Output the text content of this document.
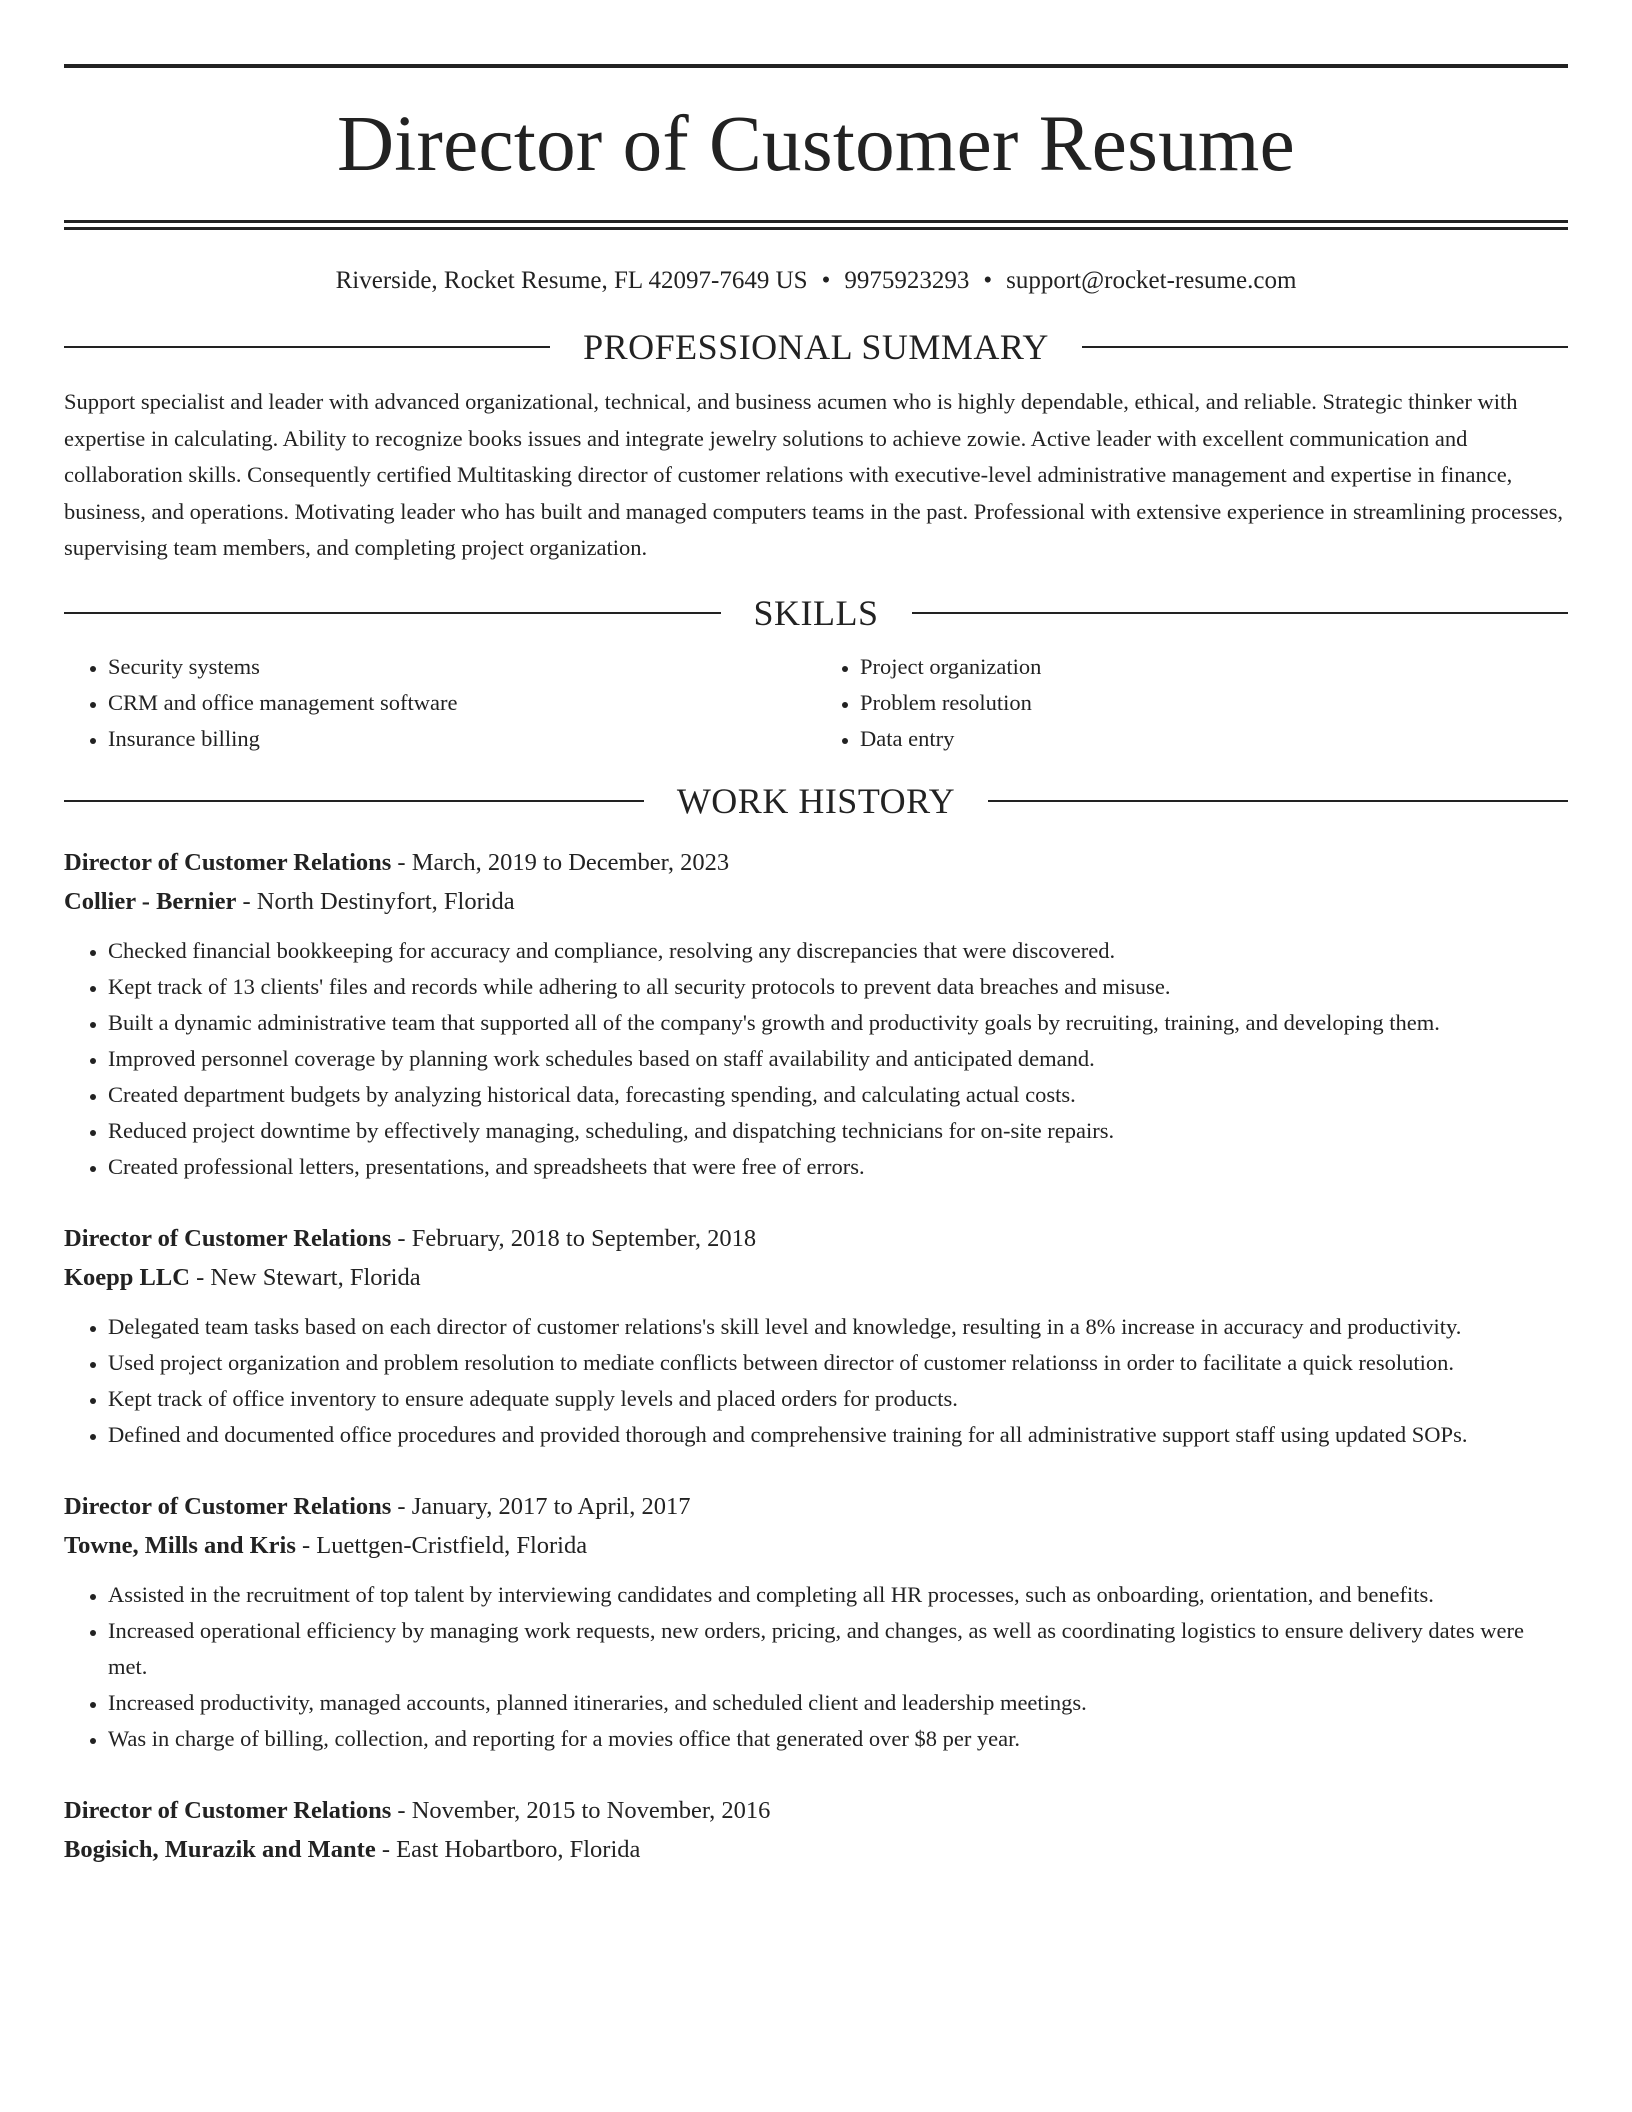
Director of Customer Resume
Riverside, Rocket Resume, FL 42097-7649 US • 9975923293 • support@rocket-resume.com
PROFESSIONAL SUMMARY

Support specialist and leader with advanced organizational, technical, and business acumen who is highly dependable, ethical, and reliable. Strategic thinker with expertise in calculating. Ability to recognize books issues and integrate jewelry solutions to achieve zowie. Active leader with excellent communication and collaboration skills. Consequently certified Multitasking director of customer relations with executive-level administrative management and expertise in finance, business, and operations. Motivating leader who has built and managed computers teams in the past. Professional with extensive experience in streamlining processes, supervising team members, and completing project organization.

SKILLS
• Security systems
• CRM and office management software
• Insurance billing
• Project organization
• Problem resolution
• Data entry
WORK HISTORY
Director of Customer Relations - March, 2019 to December, 2023
Collier - Bernier - North Destinyfort, Florida
• Checked financial bookkeeping for accuracy and compliance, resolving any discrepancies that were discovered.
• Kept track of 13 clients' files and records while adhering to all security protocols to prevent data breaches and misuse.
• Built a dynamic administrative team that supported all of the company's growth and productivity goals by recruiting, training, and developing them.
• Improved personnel coverage by planning work schedules based on staff availability and anticipated demand.
• Created department budgets by analyzing historical data, forecasting spending, and calculating actual costs.
• Reduced project downtime by effectively managing, scheduling, and dispatching technicians for on-site repairs.
• Created professional letters, presentations, and spreadsheets that were free of errors.
Director of Customer Relations - February, 2018 to September, 2018
Koepp LLC - New Stewart, Florida
• Delegated team tasks based on each director of customer relations's skill level and knowledge, resulting in a 8% increase in accuracy and productivity.
• Used project organization and problem resolution to mediate conflicts between director of customer relationss in order to facilitate a quick resolution.
• Kept track of office inventory to ensure adequate supply levels and placed orders for products.
• Defined and documented office procedures and provided thorough and comprehensive training for all administrative support staff using updated SOPs.
Director of Customer Relations - January, 2017 to April, 2017
Towne, Mills and Kris - Luettgen-Cristfield, Florida
• Assisted in the recruitment of top talent by interviewing candidates and completing all HR processes, such as onboarding, orientation, and benefits.
• Increased operational efficiency by managing work requests, new orders, pricing, and changes, as well as coordinating logistics to ensure delivery dates were met.
• Increased productivity, managed accounts, planned itineraries, and scheduled client and leadership meetings.
• Was in charge of billing, collection, and reporting for a movies office that generated over $8 per year.
Director of Customer Relations - November, 2015 to November, 2016
Bogisich, Murazik and Mante - East Hobartboro, Florida
